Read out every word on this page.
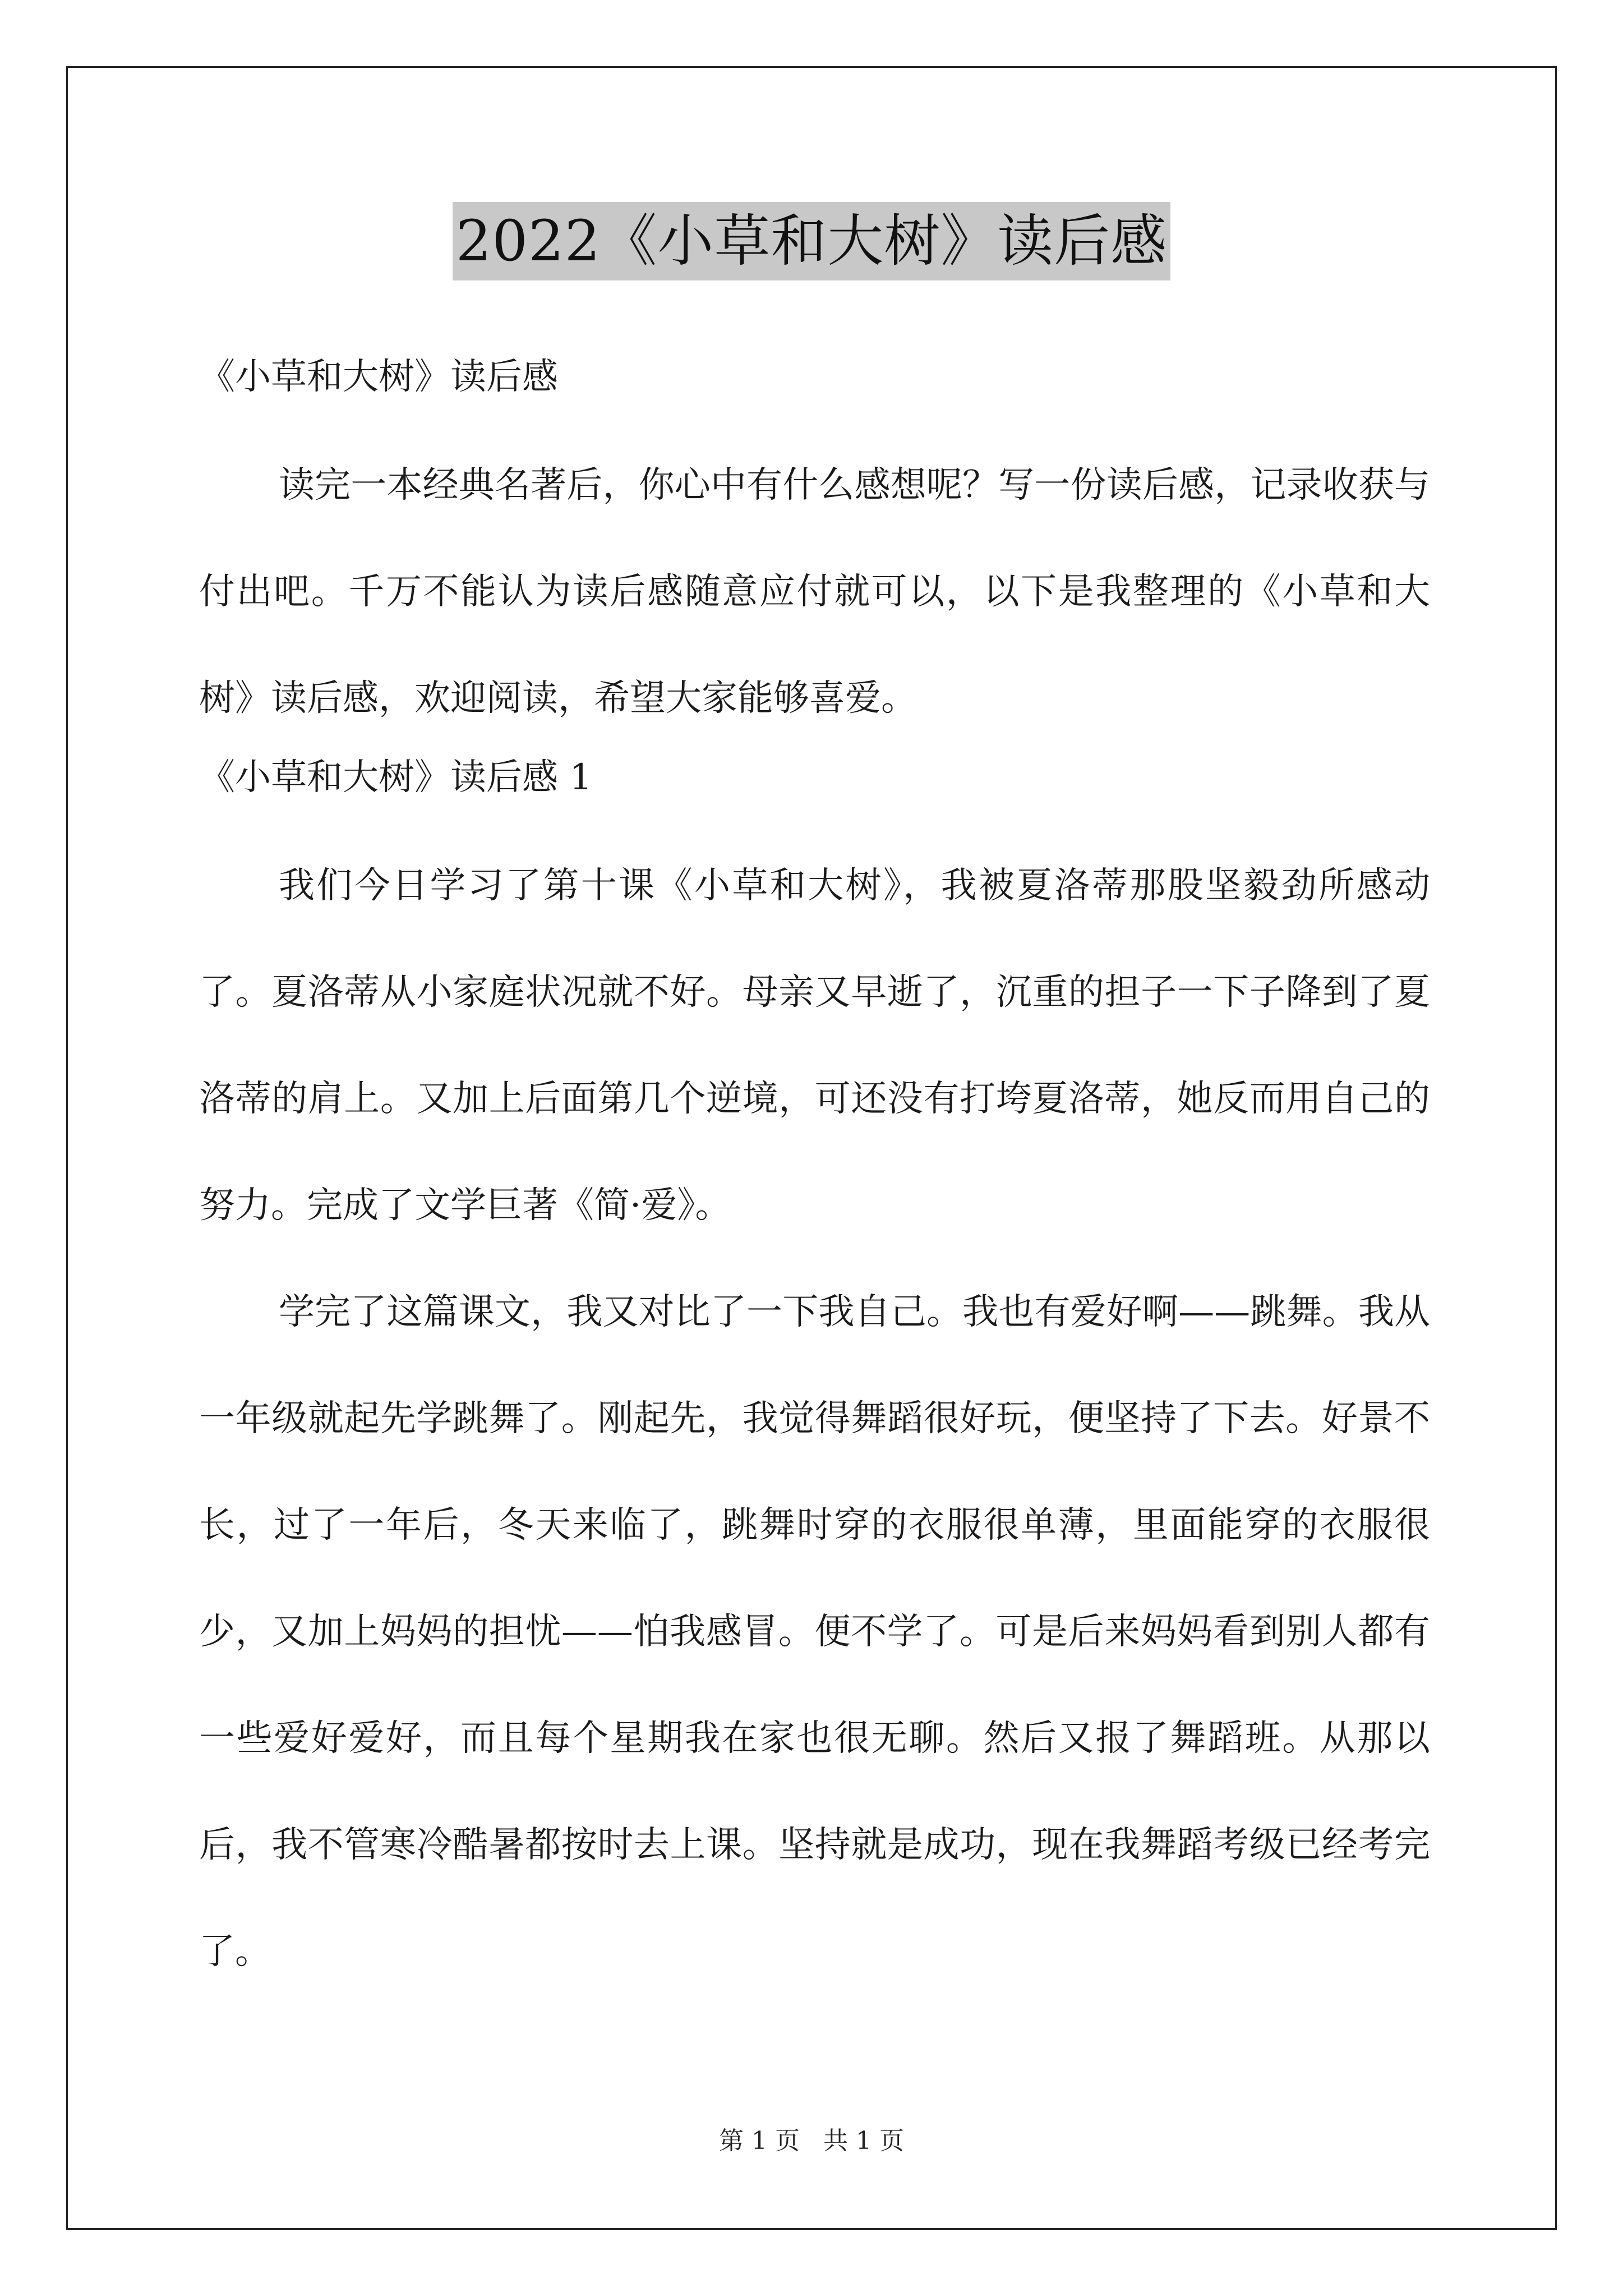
2022《小草和大树》读后感
《小草和大树》读后感

读完一本经典名著后，你心中有什么感想呢？写一份读后感，记录收获与付出吧。千万不能认为读后感随意应付就可以，以下是我整理的《小草和大树》读后感，欢迎阅读，希望大家能够喜爱。

《小草和大树》读后感 1

我们今日学习了第十课《小草和大树》，我被夏洛蒂那股坚毅劲所感动了。夏洛蒂从小家庭状况就不好。母亲又早逝了，沉重的担子一下子降到了夏洛蒂的肩上。又加上后面第几个逆境，可还没有打垮夏洛蒂，她反而用自己的努力。完成了文学巨著《简·爱》。

学完了这篇课文，我又对比了一下我自己。我也有爱好啊——跳舞。我从一年级就起先学跳舞了。刚起先，我觉得舞蹈很好玩，便坚持了下去。好景不长，过了一年后，冬天来临了，跳舞时穿的衣服很单薄，里面能穿的衣服很少，又加上妈妈的担忧——怕我感冒。便不学了。可是后来妈妈看到别人都有一些爱好爱好，而且每个星期我在家也很无聊。然后又报了舞蹈班。从那以后，我不管寒冷酷暑都按时去上课。坚持就是成功，现在我舞蹈考级已经考完了。

第 1 页   共 1 页
